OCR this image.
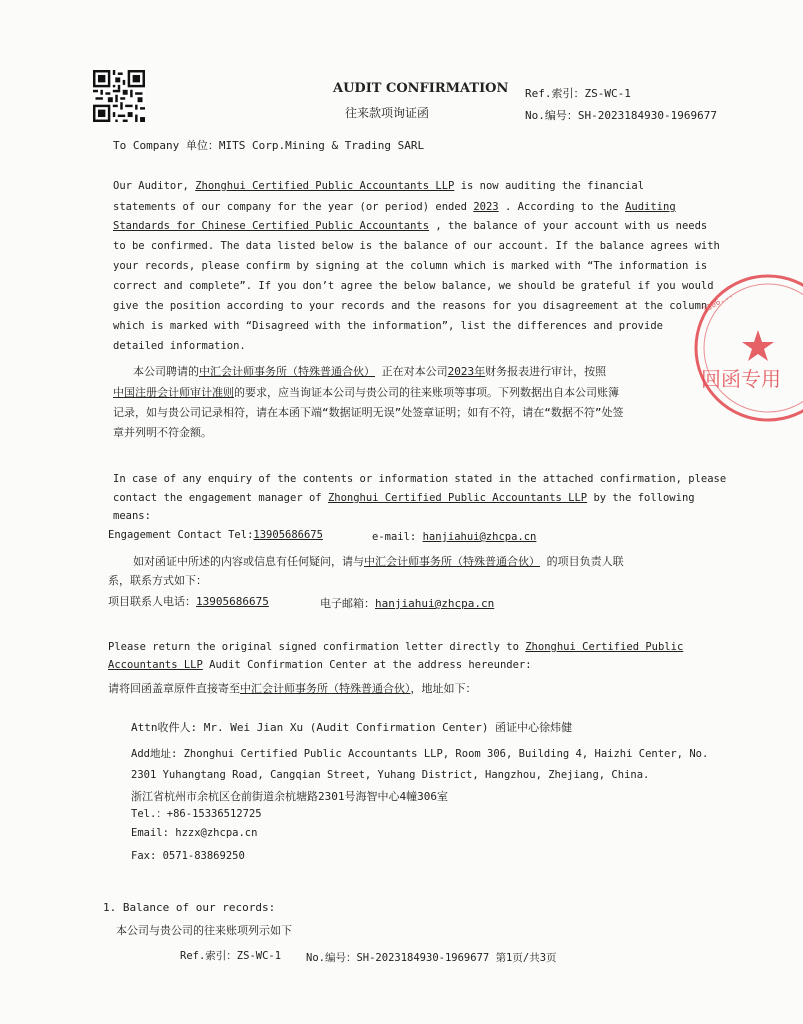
AUDIT CONFIRMATION
往来款项询证函
Ref.索引：ZS-WC-1
No.编号：SH-2023184930-1969677
To Company 单位：MITS Corp.Mining & Trading SARL
Our Auditor, Zhonghui Certified Public Accountants LLP is now auditing the financial
statements of our company for the year (or period) ended 2023 . According to the Auditing
Standards for Chinese Certified Public Accountants , the balance of your account with us needs
to be confirmed. The data listed below is the balance of our account. If the balance agrees with
your records, please confirm by signing at the column which is marked with “The information is
correct and complete”. If you don’t agree the below balance, we should be grateful if you would
give the position according to your records and the reasons for you disagreement at the column
which is marked with “Disagreed with the information”, list the differences and provide
detailed information.
本公司聘请的中汇会计师事务所（特殊普通合伙） 正在对本公司2023年财务报表进行审计，按照
中国注册会计师审计准则的要求，应当询证本公司与贵公司的往来账项等事项。下列数据出自本公司账簿
记录，如与贵公司记录相符，请在本函下端“数据证明无误”处签章证明；如有不符，请在“数据不符”处签
章并列明不符金额。
In case of any enquiry of the contents or information stated in the attached confirmation, please
contact the engagement manager of Zhonghui Certified Public Accountants LLP by the following
means:
Engagement Contact Tel:13905686675	e-mail: hanjiahui@zhcpa.cn
如对函证中所述的内容或信息有任何疑问，请与中汇会计师事务所（特殊普通合伙） 的项目负责人联
系，联系方式如下：
项目联系人电话：13905686675	电子邮箱：hanjiahui@zhcpa.cn
Please return the original signed confirmation letter directly to Zhonghui Certified Public
Accountants LLP Audit Confirmation Center at the address hereunder:
请将回函盖章原件直接寄至中汇会计师事务所（特殊普通合伙），地址如下：
Attn收件人: Mr. Wei Jian Xu (Audit Confirmation Center) 函证中心徐炜健
Add地址: Zhonghui Certified Public Accountants LLP, Room 306, Building 4, Haizhi Center, No.
2301 Yuhangtang Road, Cangqian Street, Yuhang District, Hangzhou, Zhejiang, China.
浙江省杭州市余杭区仓前街道余杭塘路2301号海智中心4幢306室
Tel.：+86-15336512725
Email: hzzx@zhcpa.cn
Fax: 0571-83869250
1. Balance of our records:
本公司与贵公司的往来账项列示如下
Ref.索引：ZS-WC-1 No.编号：SH-2023184930-1969677 第1页/共3页
回函专用
3306...
